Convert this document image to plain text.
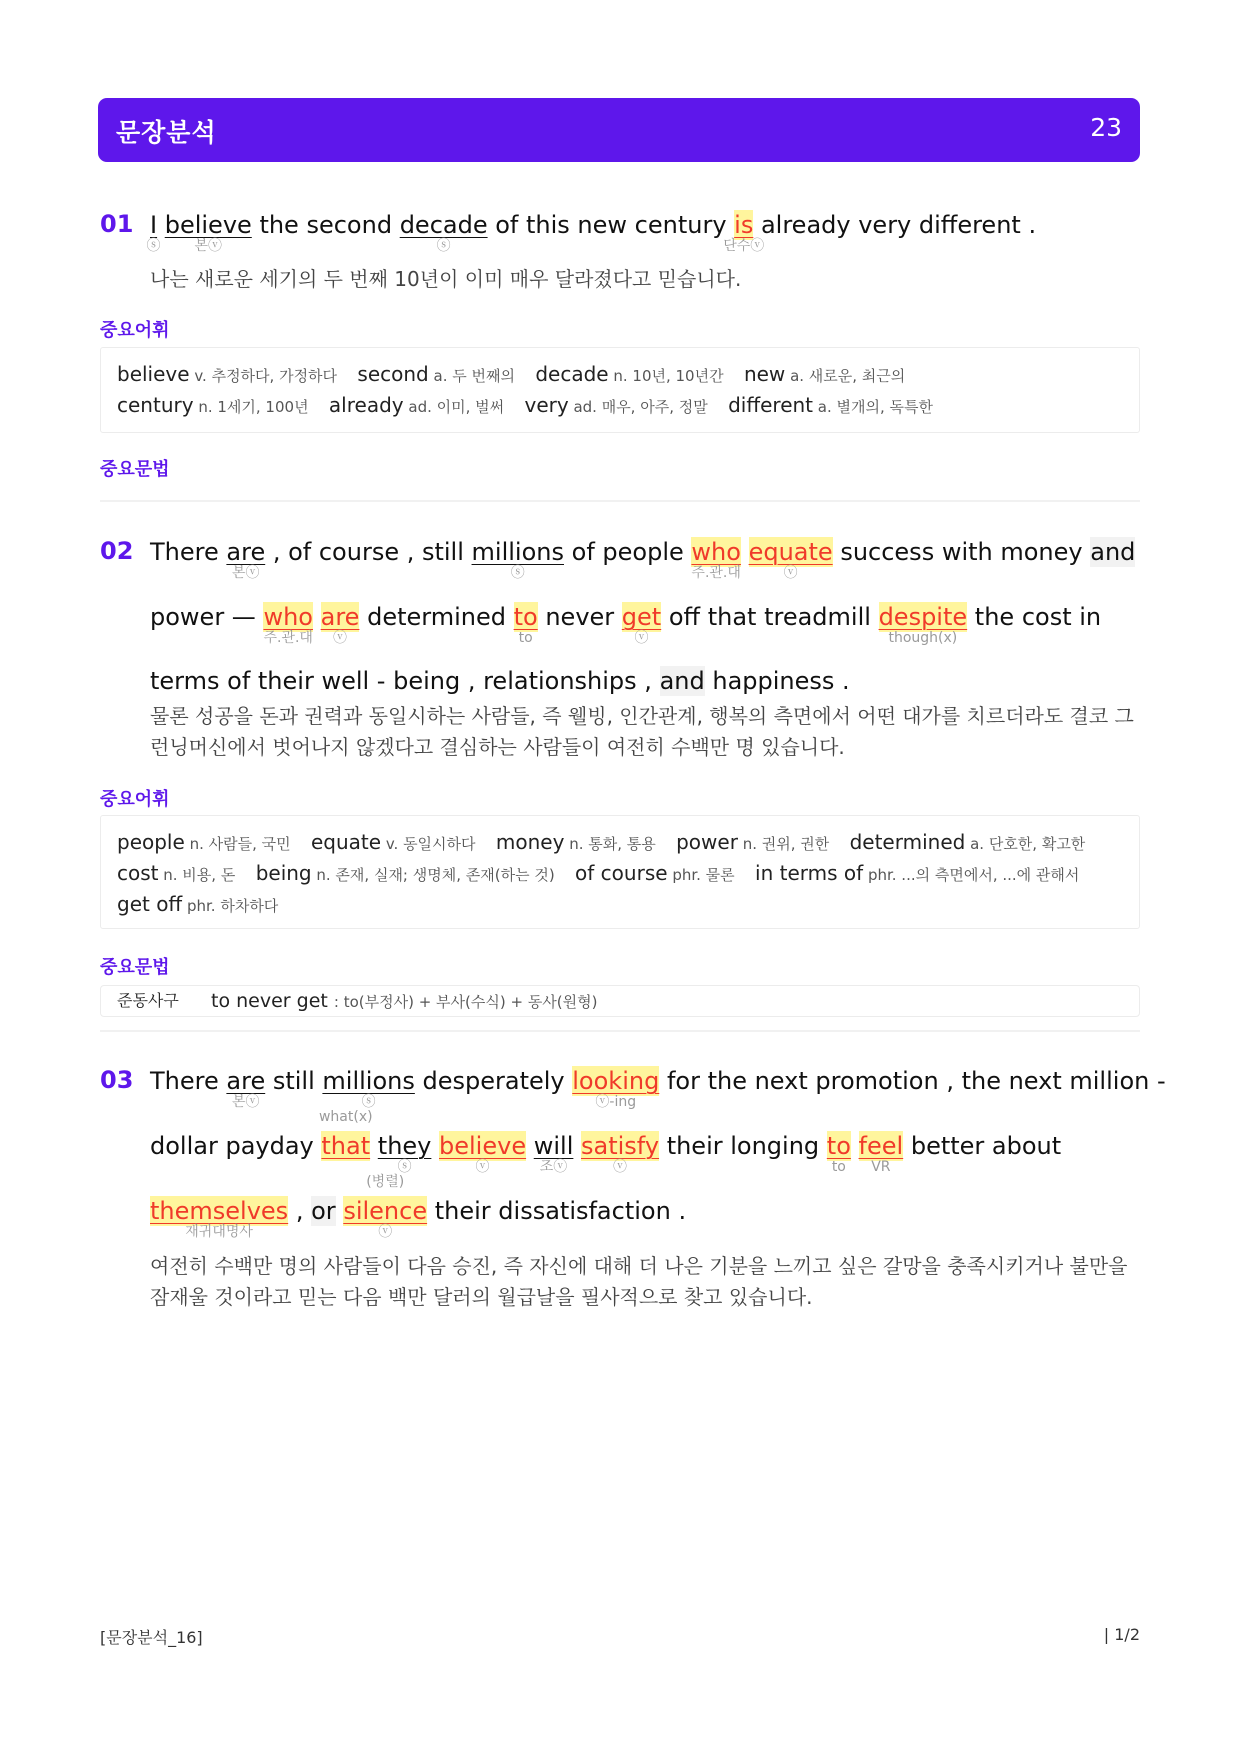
문장분석	23
01 I
ⓢ
believe
본ⓥ
the second decade
ⓢ
of this new century is
단수ⓥ
already very different .
나는 새로운 세기의 두 번째 10년이 이미 매우 달라졌다고 믿습니다.
중요어휘
believe v. 추정하다, 가정하다 second a. 두 번째의 decade n. 10년, 10년간 new a. 새로운, 최근의 century n. 1세기, 100년 already ad. 이미, 벌써 very ad. 매우, 아주, 정말 different a. 별개의, 독특한
중요문법
02 There are
본ⓥ
, of course , still millions
ⓢ
of people who
주.관.대
equate
ⓥ
success with money and
power — who
주.관.대
are
ⓥ
determined to
to
never get
ⓥ
off that treadmill despite
though(x)
the cost in
terms of their well - being , relationships , and happiness .
물론 성공을 돈과 권력과 동일시하는 사람들, 즉 웰빙, 인간관계, 행복의 측면에서 어떤 대가를 치르더라도 결코 그 런닝머신에서 벗어나지 않겠다고 결심하는 사람들이 여전히 수백만 명 있습니다.
중요어휘
people n. 사람들, 국민 equate v. 동일시하다 money n. 통화, 통용 power n. 권위, 권한 determined a. 단호한, 확고한 cost n. 비용, 돈 being n. 존재, 실재; 생명체, 존재(하는 것) of course phr. 물론 in terms of phr. ...의 측면에서, ...에 관해서 get off phr. 하차하다
중요문법
준동사구 to never get : to(부정사) + 부사(수식) + 동사(원형)
03 There are
본ⓥ
still millions
ⓢ
desperately looking
ⓥ-ing
for the next promotion , the next million -
dollar payday that
what(x)
they
ⓢ
believe
ⓥ
will
조ⓥ
satisfy
ⓥ
their longing to
to
feel
VR
better about
themselves
재귀대명사
, or silence
ⓥ
(병렬)
their dissatisfaction .
여전히 수백만 명의 사람들이 다음 승진, 즉 자신에 대해 더 나은 기분을 느끼고 싶은 갈망을 충족시키거나 불만을 잠재울 것이라고 믿는 다음 백만 달러의 월급날을 필사적으로 찾고 있습니다.
[문장분석_16]	| 1/2
